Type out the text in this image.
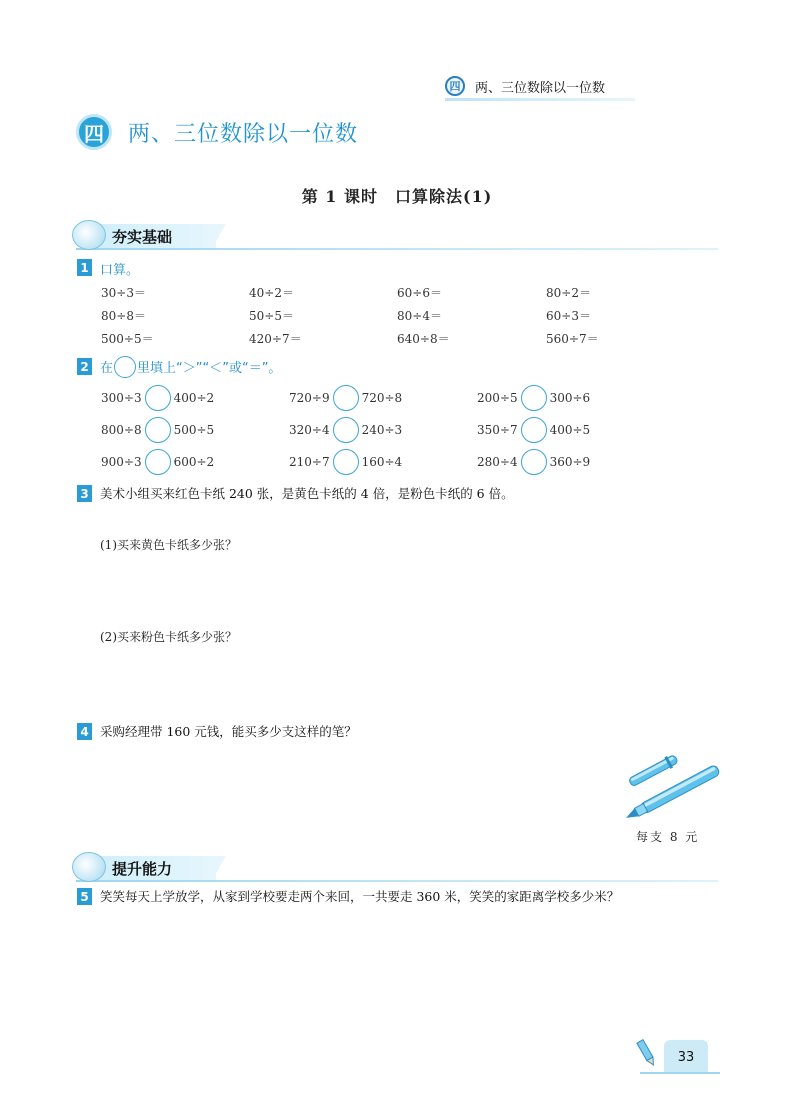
四	两、三位数除以一位数
四	两、三位数除以一位数
第 1 课时　口算除法(1)
夯实基础
1 口算。
30÷3＝	40÷2＝	60÷6＝	80÷2＝
80÷8＝	50÷5＝	80÷4＝	60÷3＝
500÷5＝	420÷7＝	640÷8＝	560÷7＝
2 在 里填上“＞”“＜”或“＝”。
300÷3	400÷2	720÷9	720÷8	200÷5	300÷6
800÷8	500÷5	320÷4	240÷3	350÷7	400÷5
900÷3	600÷2	210÷7	160÷4	280÷4	360÷9
3 美术小组买来红色卡纸 240 张，是黄色卡纸的 4 倍，是粉色卡纸的 6 倍。
(1)买来黄色卡纸多少张？
(2)买来粉色卡纸多少张？
4 采购经理带 160 元钱，能买多少支这样的笔？
每支 8 元
提升能力
5 笑笑每天上学放学，从家到学校要走两个来回，一共要走 360 米，笑笑的家距离学校多少米？
33
